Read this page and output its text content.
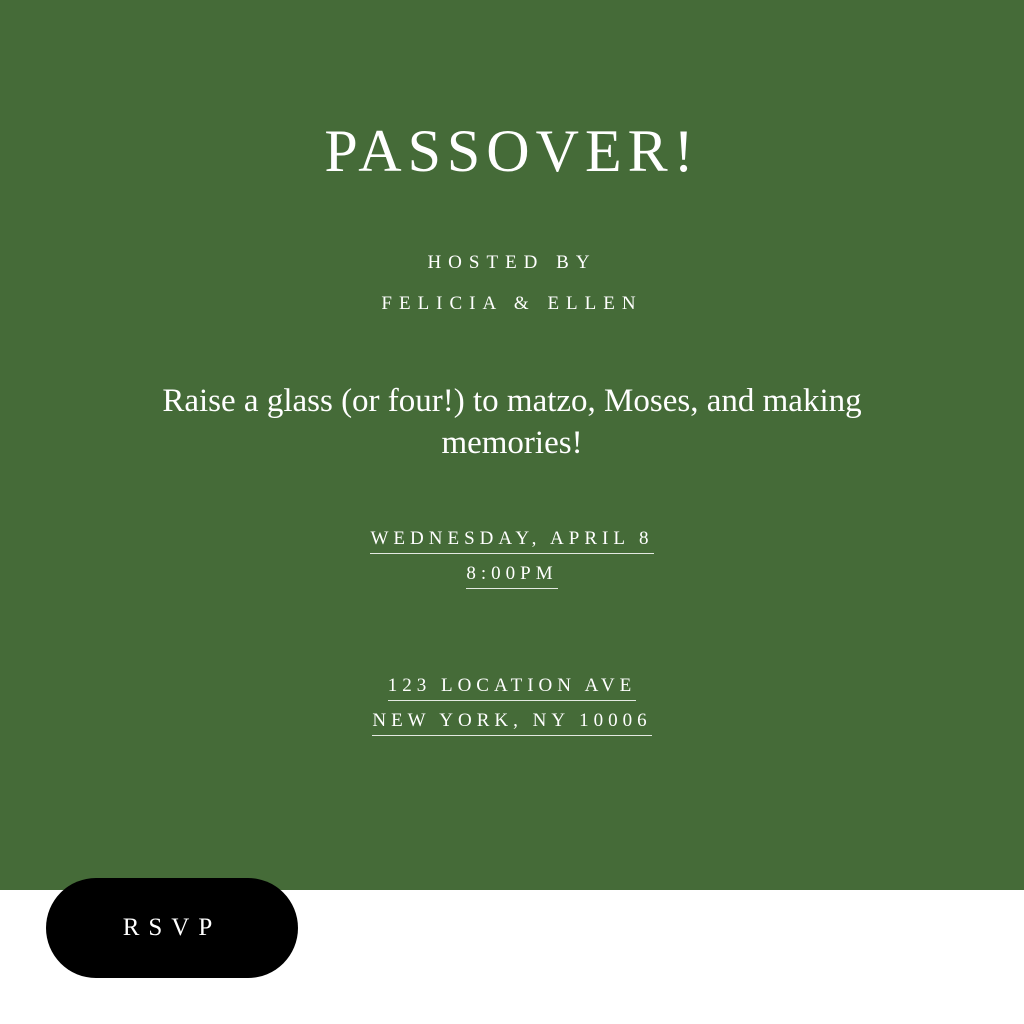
PASSOVER!
HOSTED BY
FELICIA & ELLEN
Raise a glass (or four!) to matzo, Moses, and making memories!
WEDNESDAY, APRIL 8
8:00PM
123 LOCATION AVE
NEW YORK, NY 10006
RSVP
